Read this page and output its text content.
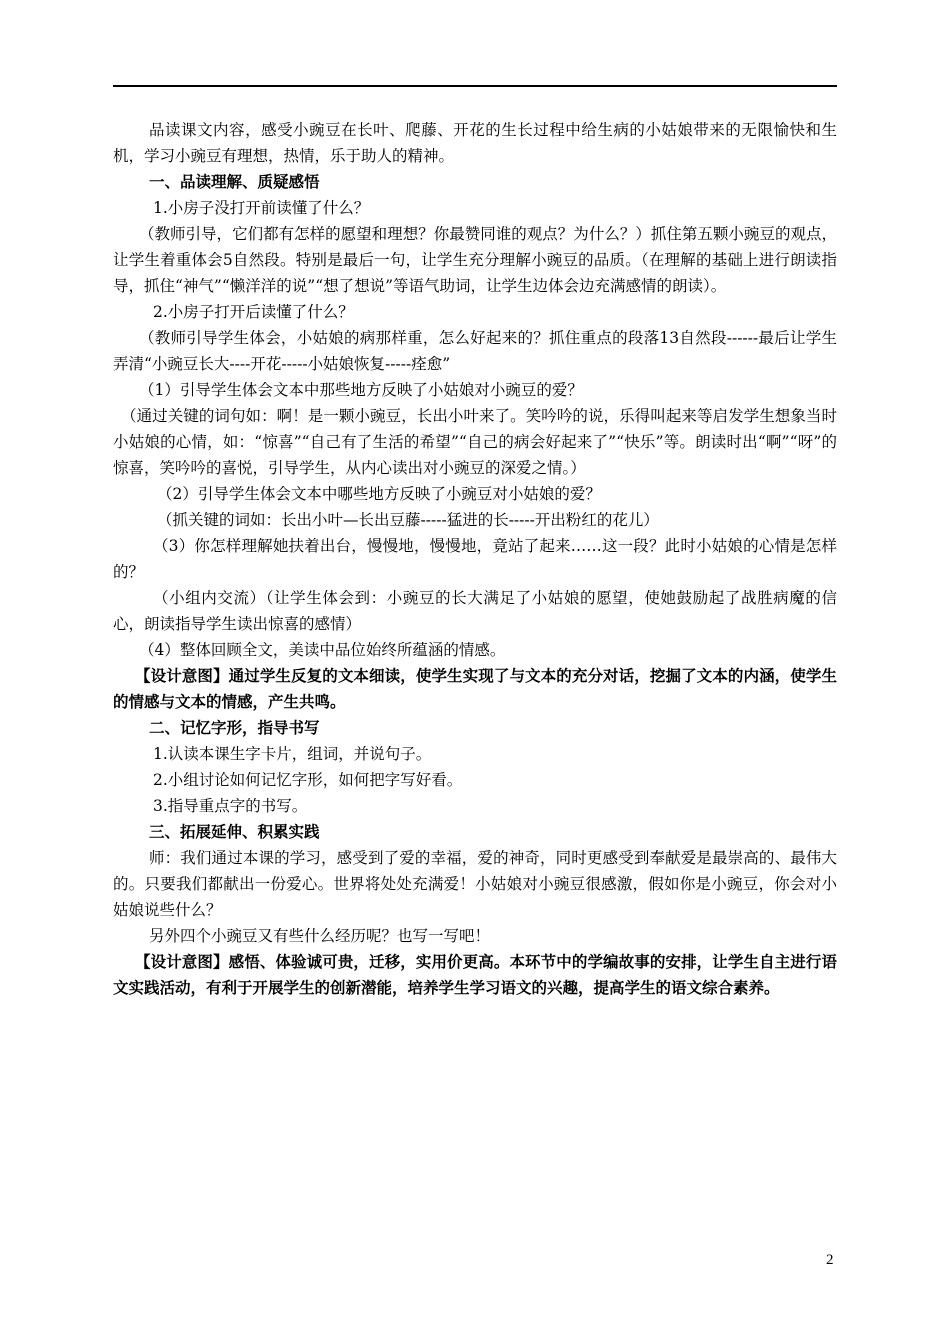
品读课文内容，感受小豌豆在长叶、爬藤、开花的生长过程中给生病的小姑娘带来的无限愉快和生机，学习小豌豆有理想，热情，乐于助人的精神。

一、品读理解、质疑感悟

1.小房子没打开前读懂了什么？

（教师引导，它们都有怎样的愿望和理想？你最赞同谁的观点？为什么？）抓住第五颗小豌豆的观点，让学生着重体会5自然段。特别是最后一句，让学生充分理解小豌豆的品质。（在理解的基础上进行朗读指导，抓住“神气”“懒洋洋的说”“想了想说”等语气助词，让学生边体会边充满感情的朗读）。

2.小房子打开后读懂了什么？

（教师引导学生体会，小姑娘的病那样重，怎么好起来的？抓住重点的段落13自然段------最后让学生弄清“小豌豆长大----开花-----小姑娘恢复-----痊愈”

（1）引导学生体会文本中那些地方反映了小姑娘对小豌豆的爱？

（通过关键的词句如：啊！是一颗小豌豆，长出小叶来了。笑吟吟的说，乐得叫起来等启发学生想象当时小姑娘的心情，如：“惊喜”“自己有了生活的希望”“自己的病会好起来了”“快乐”等。朗读时出“啊”“呀”的惊喜，笑吟吟的喜悦，引导学生，从内心读出对小豌豆的深爱之情。）

（2）引导学生体会文本中哪些地方反映了小豌豆对小姑娘的爱？

（抓关键的词如：长出小叶—长出豆藤-----猛进的长-----开出粉红的花儿）

（3）你怎样理解她扶着出台，慢慢地，慢慢地，竟站了起来……这一段？此时小姑娘的心情是怎样的？

（小组内交流）（让学生体会到：小豌豆的长大满足了小姑娘的愿望，使她鼓励起了战胜病魔的信心，朗读指导学生读出惊喜的感情）

（4）整体回顾全文，美读中品位始终所蕴涵的情感。

【设计意图】通过学生反复的文本细读，使学生实现了与文本的充分对话，挖掘了文本的内涵，使学生的情感与文本的情感，产生共鸣。

二、记忆字形，指导书写

1.认读本课生字卡片，组词，并说句子。

2.小组讨论如何记忆字形，如何把字写好看。

3.指导重点字的书写。

三、拓展延伸、积累实践

师：我们通过本课的学习，感受到了爱的幸福，爱的神奇，同时更感受到奉献爱是最崇高的、最伟大的。只要我们都献出一份爱心。世界将处处充满爱！小姑娘对小豌豆很感激，假如你是小豌豆，你会对小姑娘说些什么？

另外四个小豌豆又有些什么经历呢？也写一写吧！

【设计意图】感悟、体验诚可贵，迁移，实用价更高。本环节中的学编故事的安排，让学生自主进行语文实践活动，有利于开展学生的创新潜能，培养学生学习语文的兴趣，提高学生的语文综合素养。

2
